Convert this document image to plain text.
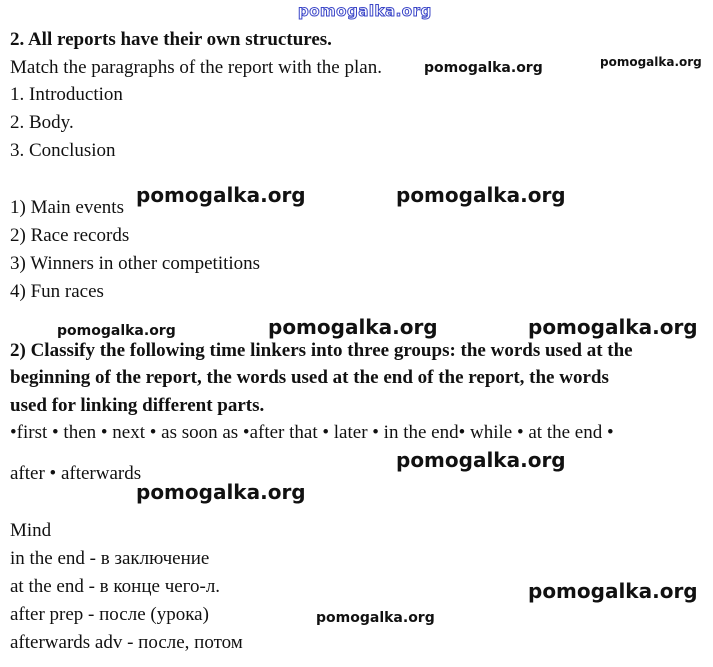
pomogalka.org
2. All reports have their own structures.
Match the paragraphs of the report with the plan.	pomogalka.org	pomogalka.org
1. Introduction
2. Body.
3. Conclusion
1) Main events
pomogalka.org	pomogalka.org
2) Race records
3) Winners in other competitions
4) Fun races
pomogalka.org	pomogalka.org	pomogalka.org
2) Classify the following time linkers into three groups: the words used at the
beginning of the report, the words used at the end of the report, the words
used for linking different parts.
•first • then • next • as soon as •after that • later • in the end• while • at the end •
pomogalka.org
after • afterwards
pomogalka.org
Mind
in the end - в заключение
at the end - в конце чего-л.	pomogalka.org
after prep - после (урока)	pomogalka.org
afterwards adv - после, потом
